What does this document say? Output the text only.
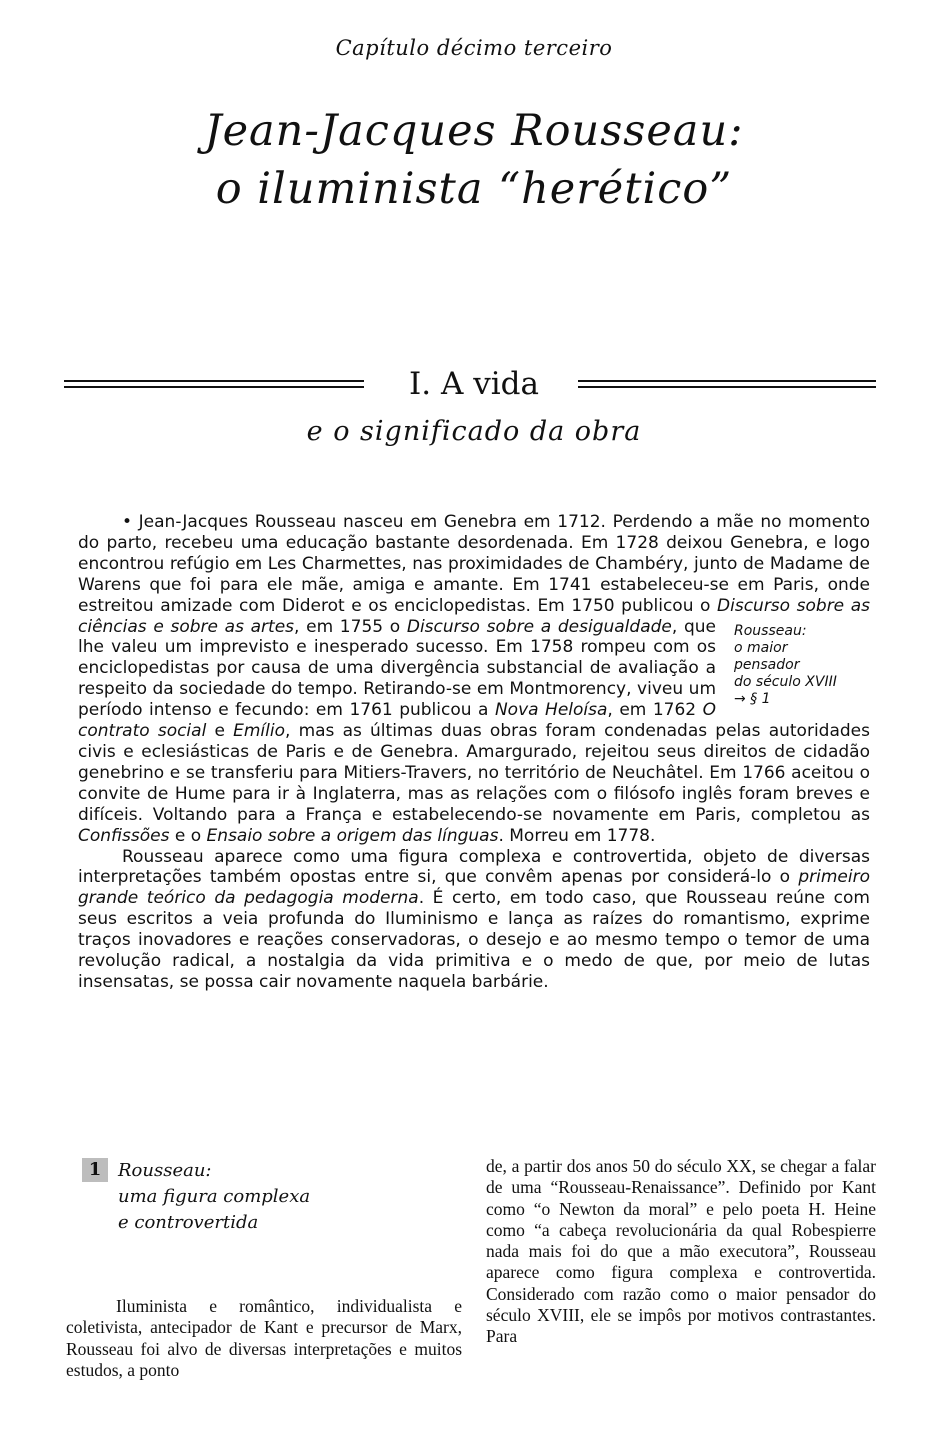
Capítulo décimo terceiro
Jean-Jacques Rousseau:
o iluminista “herético”
I. A vida
e o significado da obra

• Jean-Jacques Rousseau nasceu em Genebra em 1712. Perdendo a mãe no momento do parto, recebeu uma educação bastante desordenada. Em 1728 deixou Genebra, e logo encontrou refúgio em Les Charmettes, nas proximidades de Chambéry, junto de Madame de Warens que foi para ele mãe, amiga e amante. Em 1741 estabeleceu-se em Paris, onde estreitou amizade com Diderot e os enciclopedistas. Em 1750 publicou o Discurso sobre as ciências e sobre as artes, em 1755 o Discurso sobre a desigualdade	Rousseau:
o maior
pensador
do século XVIII
→ § 1
, que lhe valeu um imprevisto e inesperado sucesso. Em 1758 rompeu com os enciclopedistas por causa de uma divergência substancial de avaliação a respeito da sociedade do tempo. Retirando-se em Montmorency, viveu um período intenso e fecundo: em 1761 publicou a Nova Heloísa, em 1762 O contrato social e Emílio, mas as últimas duas obras foram condenadas pelas autoridades civis e eclesiásticas de Paris e de Genebra. Amargurado, rejeitou seus direitos de cidadão genebrino e se transferiu para Mitiers-Travers, no território de Neuchâtel. Em 1766 aceitou o convite de Hume para ir à Inglaterra, mas as relações com o filósofo inglês foram breves e difíceis. Voltando para a França e estabelecendo-se novamente em Paris, completou as Confissões e o Ensaio sobre a origem das línguas. Morreu em 1778.

Rousseau aparece como uma figura complexa e controvertida, objeto de diversas interpretações também opostas entre si, que convêm apenas por considerá-lo o primeiro grande teórico da pedagogia moderna. É certo, em todo caso, que Rousseau reúne com seus escritos a veia profunda do Iluminismo e lança as raízes do romantismo, exprime traços inovadores e reações conservadoras, o desejo e ao mesmo tempo o temor de uma revolução radical, a nostalgia da vida primitiva e o medo de que, por meio de lutas insensatas, se possa cair novamente naquela barbárie.

1 Rousseau:
uma figura complexa
e controvertida

Iluminista e romântico, individualista e coletivista, antecipador de Kant e precursor de Marx, Rousseau foi alvo de diversas interpretações e muitos estudos, a ponto

de, a partir dos anos 50 do século XX, se chegar a falar de uma “Rousseau-Renaissance”. Definido por Kant como “o Newton da moral” e pelo poeta H. Heine como “a cabeça revolucionária da qual Robespierre nada mais foi do que a mão executora”, Rousseau aparece como figura complexa e controvertida. Considerado com razão como o maior pensador do século XVIII, ele se impôs por motivos contrastantes. Para
